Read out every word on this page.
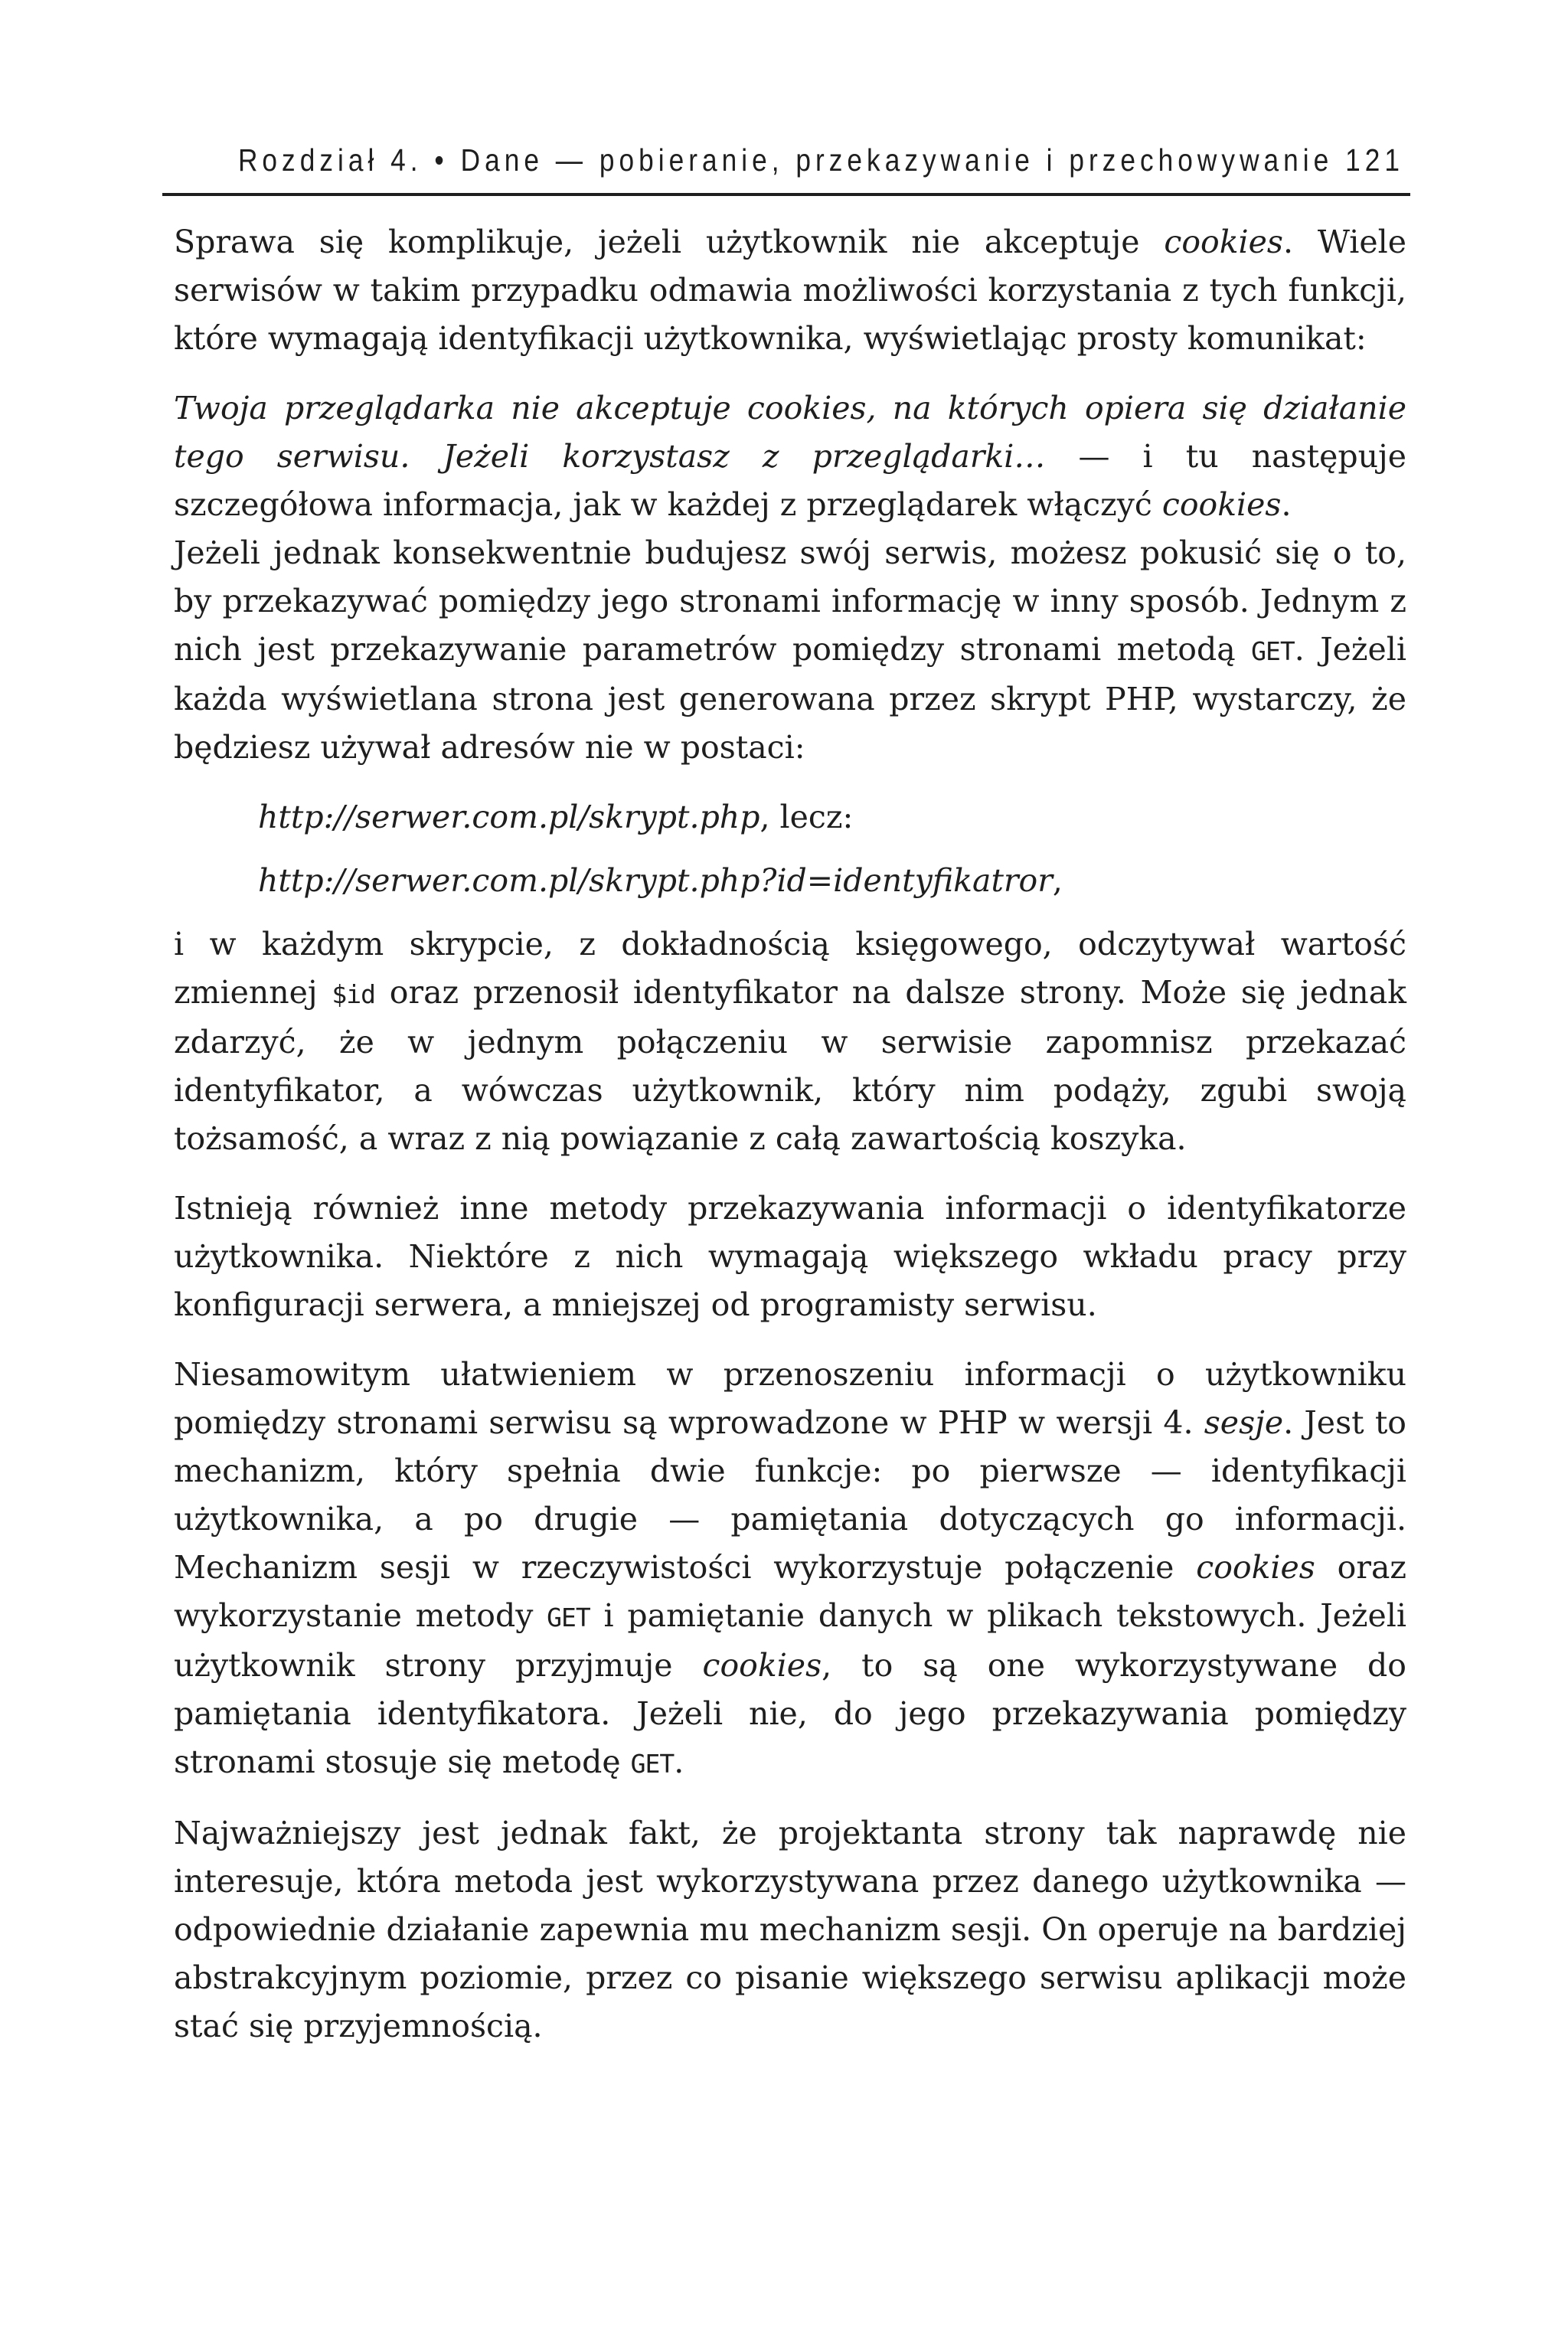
Rozdział 4. • Dane — pobieranie, przekazywanie i przechowywanie 121

Sprawa się komplikuje, jeżeli użytkownik nie akceptuje cookies. Wiele serwisów w takim przypadku odmawia możliwości korzystania z tych funkcji, które wymagają identyfikacji użytkownika, wyświetlając prosty komunikat:

Twoja przeglądarka nie akceptuje cookies, na których opiera się działanie tego serwisu. Jeżeli korzystasz z przeglądarki… — i tu następuje szczegółowa informacja, jak w każdej z przeglądarek włączyć cookies.

Jeżeli jednak konsekwentnie budujesz swój serwis, możesz pokusić się o to, by przekazywać pomiędzy jego stronami informację w inny sposób. Jednym z nich jest przekazywanie parametrów pomiędzy stronami metodą GET. Jeżeli każda wyświetlana strona jest generowana przez skrypt PHP, wystarczy, że będziesz używał adresów nie w postaci:

http://serwer.com.pl/skrypt.php, lecz:

http://serwer.com.pl/skrypt.php?id=identyfikatror,

i w każdym skrypcie, z dokładnością księgowego, odczytywał wartość zmiennej $id oraz przenosił identyfikator na dalsze strony. Może się jednak zdarzyć, że w jednym połączeniu w serwisie zapomnisz przekazać identyfikator, a wówczas użytkownik, który nim podąży, zgubi swoją tożsamość, a wraz z nią powiązanie z całą zawartością koszyka.

Istnieją również inne metody przekazywania informacji o identyfikatorze użytkownika. Niektóre z nich wymagają większego wkładu pracy przy konfiguracji serwera, a mniejszej od programisty serwisu.

Niesamowitym ułatwieniem w przenoszeniu informacji o użytkowniku pomiędzy stronami serwisu są wprowadzone w PHP w wersji 4. sesje. Jest to mechanizm, który spełnia dwie funkcje: po pierwsze — identyfikacji użytkownika, a po drugie — pamiętania dotyczących go informacji. Mechanizm sesji w rzeczywistości wykorzystuje połączenie cookies oraz wykorzystanie metody GET i pamiętanie danych w plikach tekstowych. Jeżeli użytkownik strony przyjmuje cookies, to są one wykorzystywane do pamiętania identyfikatora. Jeżeli nie, do jego przekazywania pomiędzy stronami stosuje się metodę GET.

Najważniejszy jest jednak fakt, że projektanta strony tak naprawdę nie interesuje, która metoda jest wykorzystywana przez danego użytkownika — odpowiednie działanie zapewnia mu mechanizm sesji. On operuje na bardziej abstrakcyjnym poziomie, przez co pisanie większego serwisu aplikacji może stać się przyjemnością.
